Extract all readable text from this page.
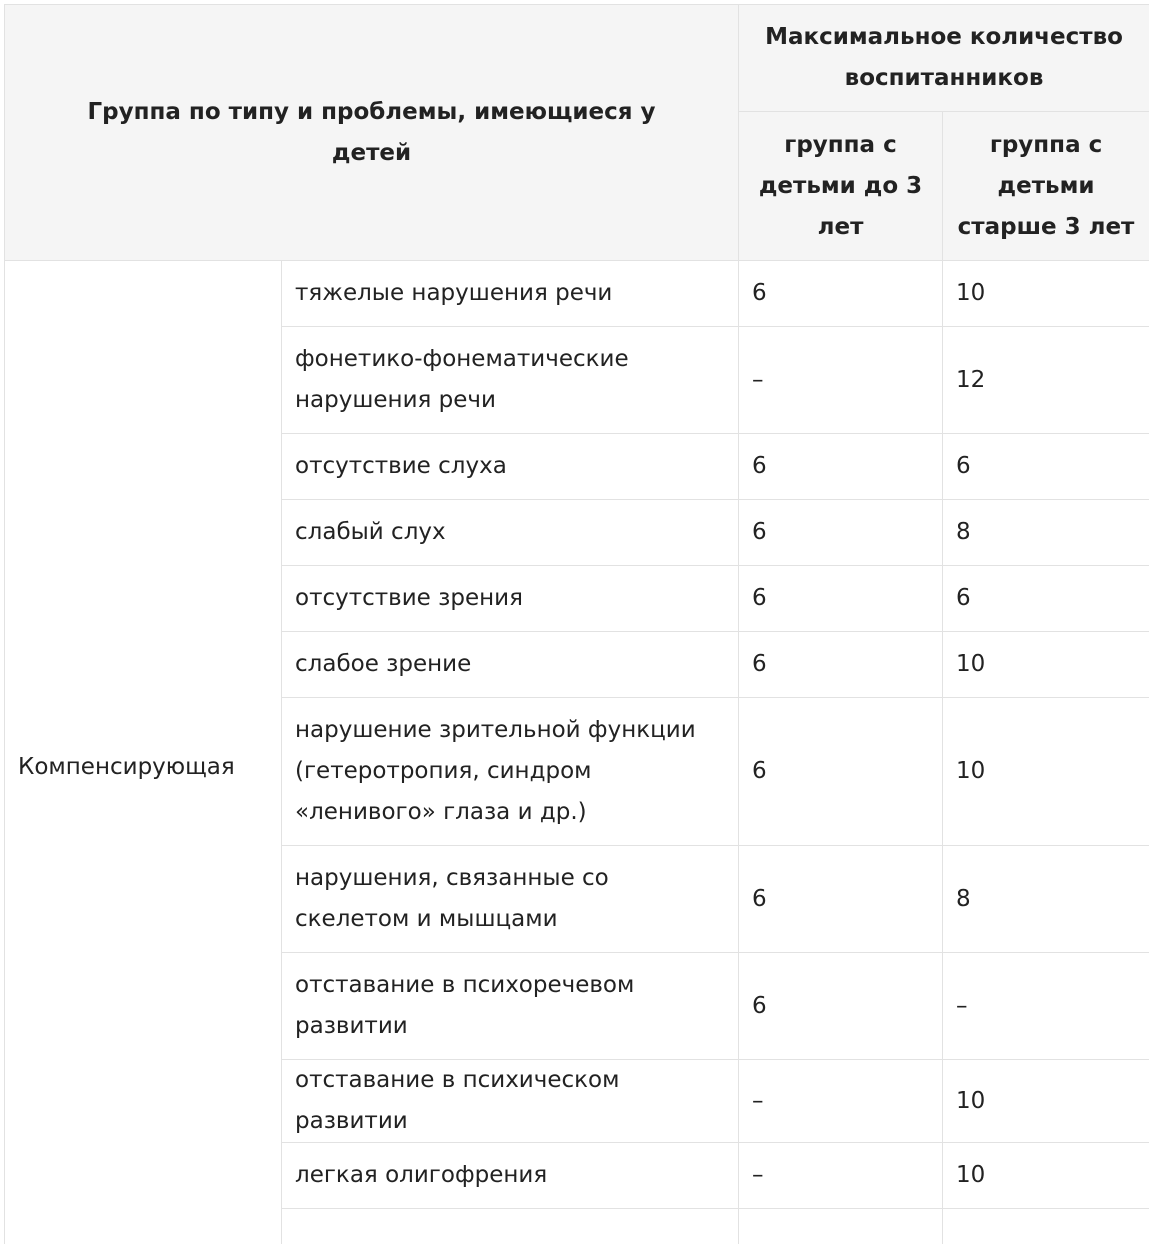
Группа по типу и проблемы, имеющиеся у детей		Максимальное количество воспитанников	
		группа с детьми до 3 лет	группа с детьми старше 3 лет
Компенсирующая	тяжелые нарушения речи	6	10
	фонетико-фонематические нарушения речи	–	12
	отсутствие слуха	6	6
	слабый слух	6	8
	отсутствие зрения	6	6
	слабое зрение	6	10
	нарушение зрительной функции (гетеротропия, синдром «ленивого» глаза и др.)	6	10
	нарушения, связанные со скелетом и мышцами	6	8
	отставание в психоречевом развитии	6	–
	отставание в психическом развитии	–	10
	легкая олигофрения	–	10
